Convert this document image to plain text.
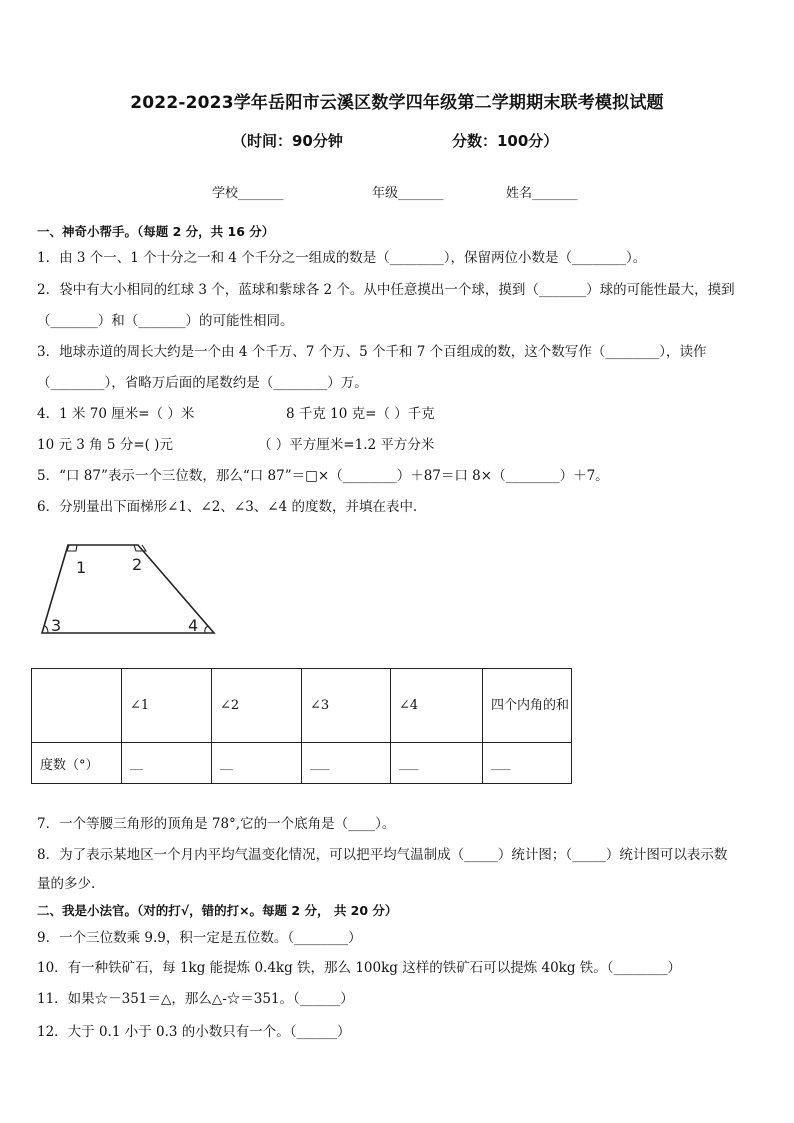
2022-2023学年岳阳市云溪区数学四年级第二学期期末联考模拟试题
（时间：90分钟	分数：100分）
学校_______	年级_______	姓名_______
一、神奇小帮手。（每题 2 分，共 16 分）
1．由 3 个一、1 个十分之一和 4 个千分之一组成的数是（________），保留两位小数是（________）。
2．袋中有大小相同的红球 3 个，蓝球和紫球各 2 个。从中任意摸出一个球，摸到（_______）球的可能性最大，摸到
（_______）和（_______）的可能性相同。
3．地球赤道的周长大约是一个由 4 个千万、7 个万、5 个千和 7 个百组成的数，这个数写作（________），读作
（________），省略万后面的尾数约是（________）万。
4．1 米 70 厘米=（ ）米	8 千克 10 克=（ ）千克
10 元 3 角 5 分=( )元	（ ）平方厘米=1.2 平方分米
5．“口 87”表示一个三位数，那么“口 87”＝□×（________）＋87＝口 8×（________）＋7。
6．分别量出下面梯形∠1、∠2、∠3、∠4 的度数，并填在表中．
1	2
3	4
	∠1	∠2	∠3	∠4	四个内角的和
度数（°）	__	__	___	___	___
7．一个等腰三角形的顶角是 78°,它的一个底角是（____）。
8．为了表示某地区一个月内平均气温变化情况，可以把平均气温制成（_____）统计图；（_____）统计图可以表示数
量的多少.
二、我是小法官。（对的打√，错的打×。每题 2 分， 共 20 分）
9．一个三位数乘 9.9，积一定是五位数。（________）
10．有一种铁矿石，每 1kg 能提炼 0.4kg 铁，那么 100kg 这样的铁矿石可以提炼 40kg 铁。（________）
11．如果☆－351＝△，那么△-☆＝351。（______）
12．大于 0.1 小于 0.3 的小数只有一个。（______）
